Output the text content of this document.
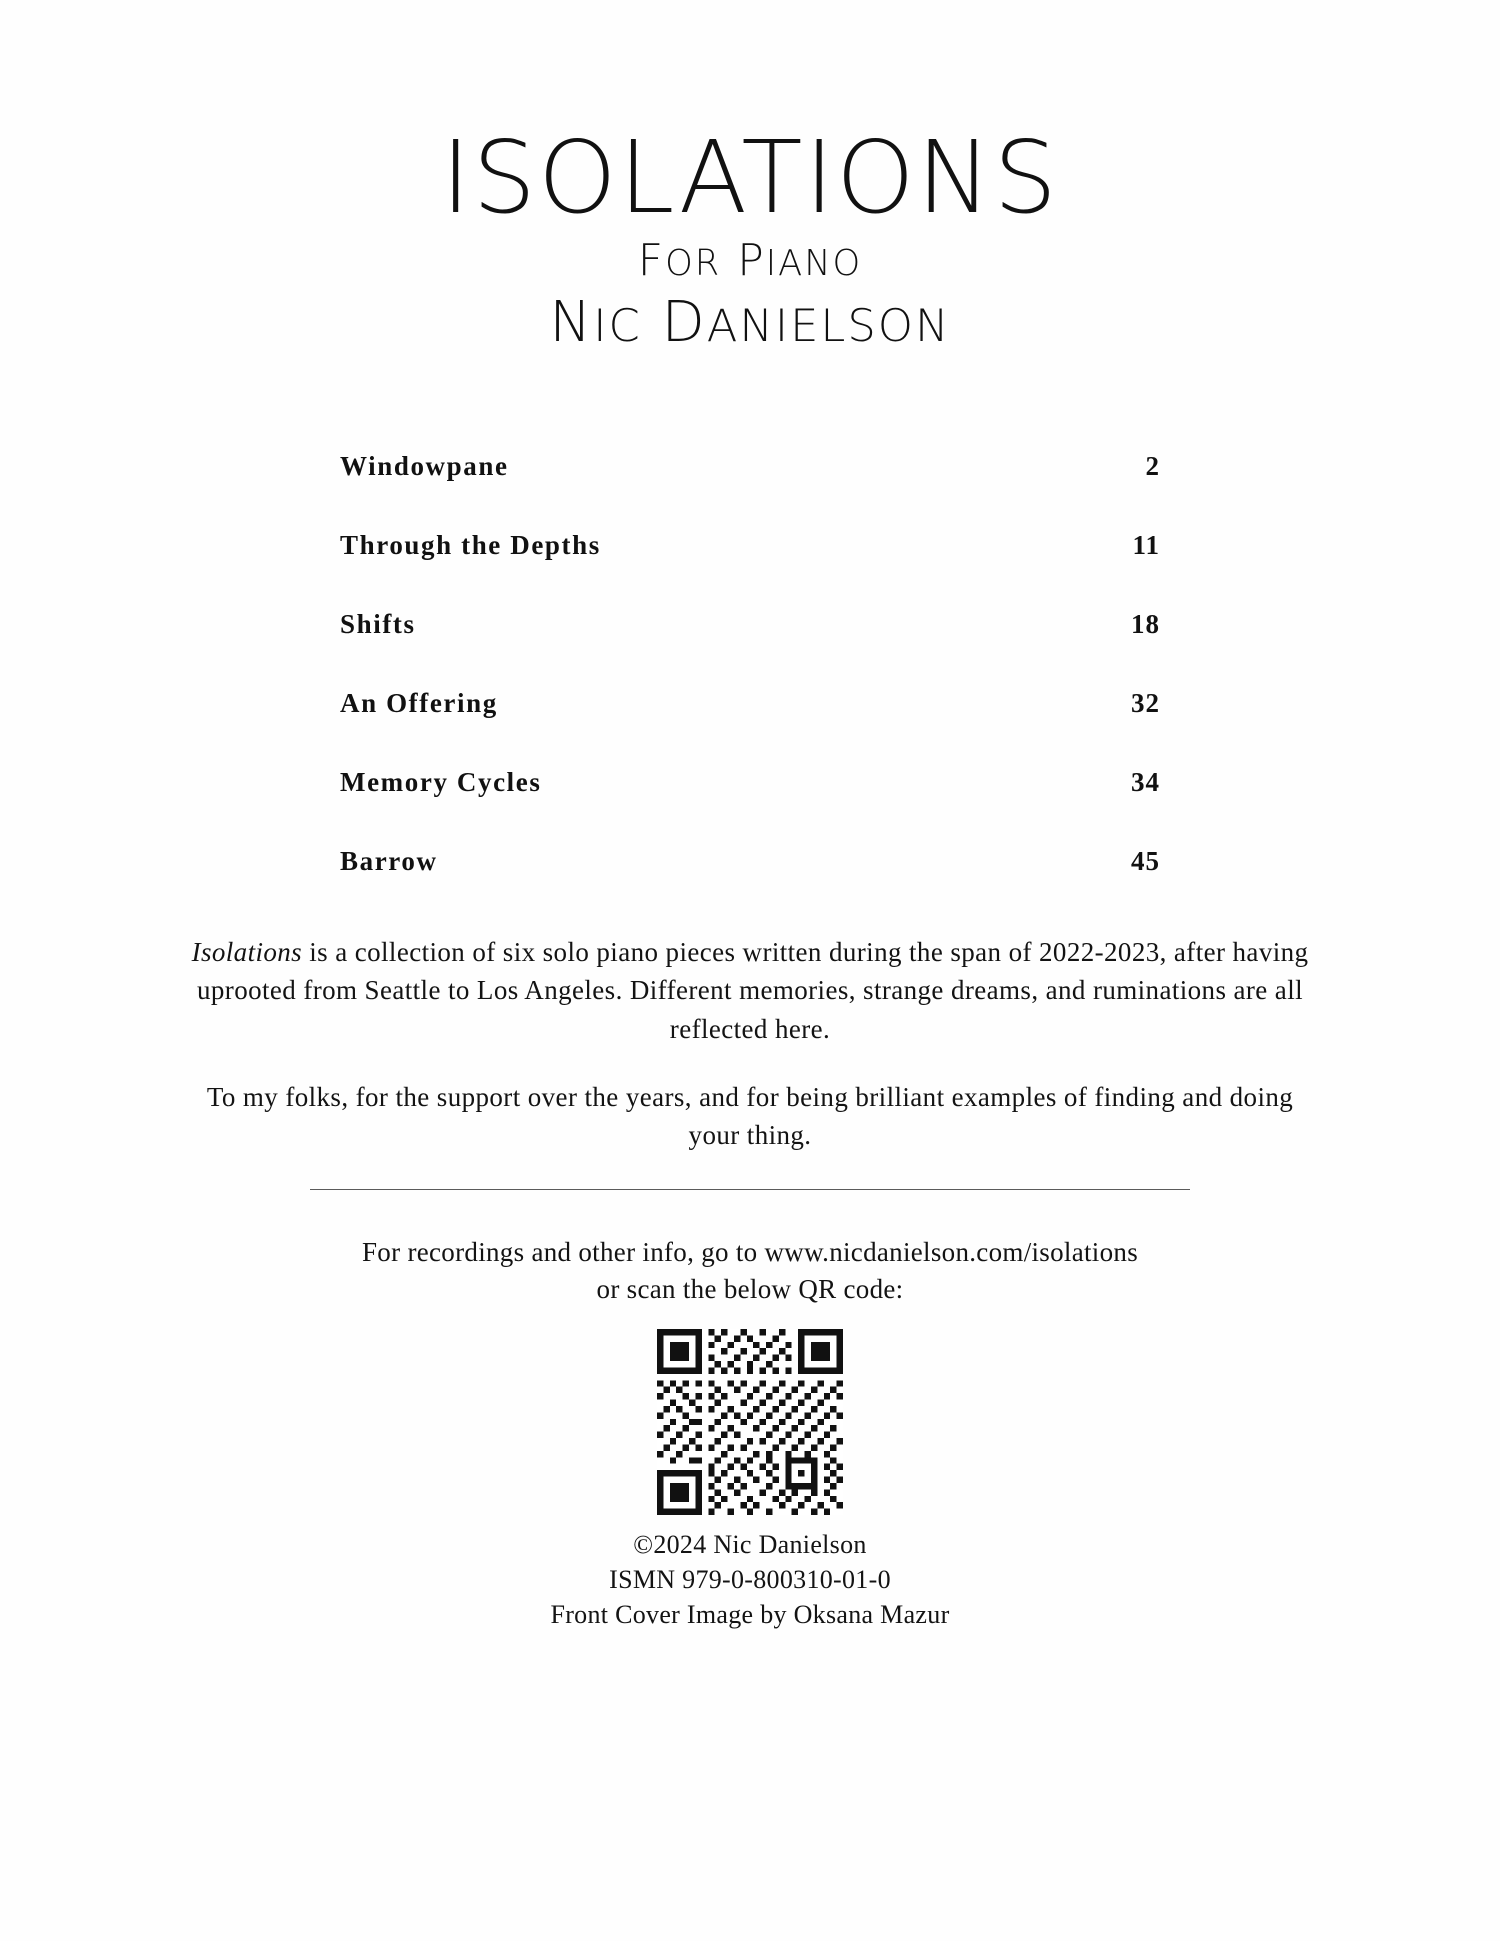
ISOLATIONS
FOR PIANO
NIC DANIELSON
Windowpane	2
Through the Depths	11
Shifts	18
An Offering	32
Memory Cycles	34
Barrow	45

Isolations is a collection of six solo piano pieces written during the span of 2022-2023, after having uprooted from Seattle to Los Angeles. Different memories, strange dreams, and ruminations are all reflected here.

To my folks, for the support over the years, and for being brilliant examples of finding and doing your thing.

For recordings and other info, go to www.nicdanielson.com/isolations
or scan the below QR code:
©2024 Nic Danielson
ISMN 979-0-800310-01-0
Front Cover Image by Oksana Mazur
